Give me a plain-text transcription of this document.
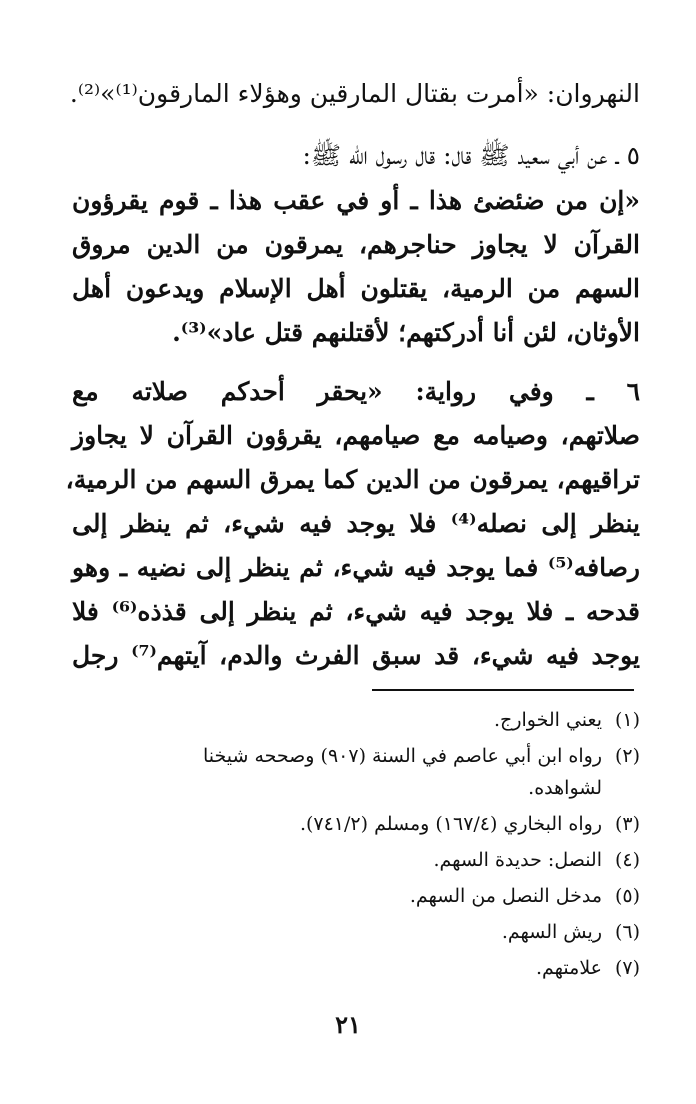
النهروان: «أمرت بقتال المارقين وهؤلاء المارقون⁽¹⁾»⁽²⁾.
٥ ـ عن أبي سعيد ﷺ قال: قال رسول الله ﷺ:
«إن من ضئضئ هذا ـ أو في عقب هذا ـ قوم يقرؤون
القرآن لا يجاوز حناجرهم، يمرقون من الدين مروق
السهم من الرمية، يقتلون أهل الإسلام ويدعون أهل
الأوثان، لئن أنا أدركتهم؛ لأقتلنهم قتل عاد»⁽³⁾.
٦ ـ وفي رواية: «يحقر أحدكم صلاته مع
صلاتهم، وصيامه مع صيامهم، يقرؤون القرآن لا يجاوز
تراقيهم، يمرقون من الدين كما يمرق السهم من الرمية،
ينظر إلى نصله⁽⁴⁾ فلا يوجد فيه شيء، ثم ينظر إلى
رصافه⁽⁵⁾ فما يوجد فيه شيء، ثم ينظر إلى نضيه ـ وهو
قدحه ـ فلا يوجد فيه شيء، ثم ينظر إلى قذذه⁽⁶⁾ فلا
يوجد فيه شيء، قد سبق الفرث والدم، آيتهم⁽⁷⁾ رجل
(١)يعني الخوارج.
(٢)رواه ابن أبي عاصم في السنة (٩٠٧) وصححه شيخنا
لشواهده.
(٣)رواه البخاري (١٦٧/٤) ومسلم (٧٤١/٢).
(٤)النصل: حديدة السهم.
(٥)مدخل النصل من السهم.
(٦)ريش السهم.
(٧)علامتهم.
٢١
